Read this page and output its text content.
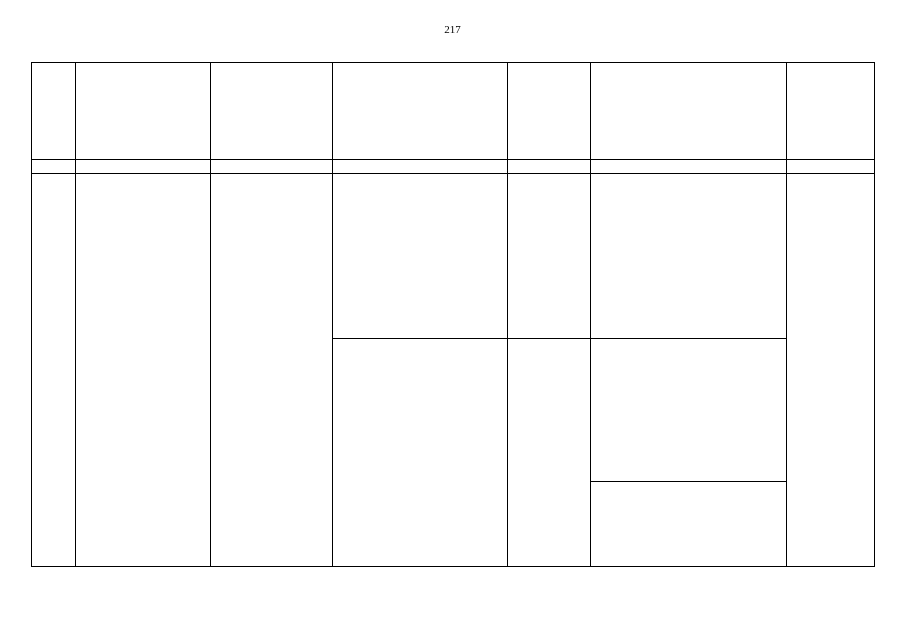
217
